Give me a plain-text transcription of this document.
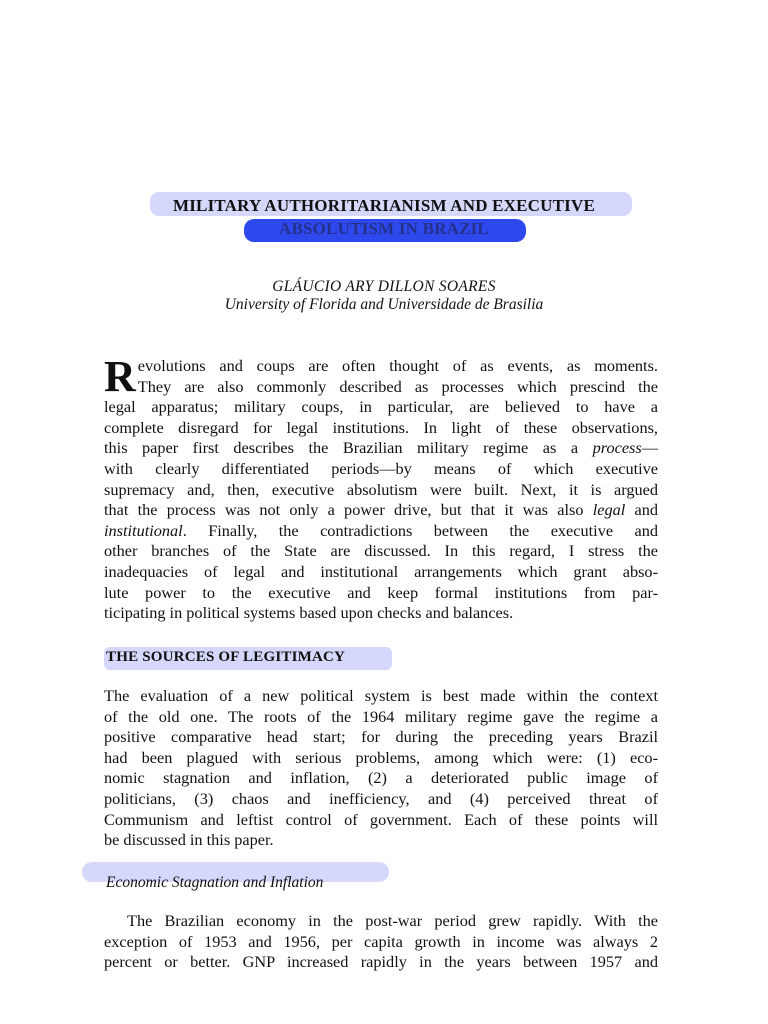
MILITARY AUTHORITARIANISM AND EXECUTIVE
ABSOLUTISM IN BRAZIL
GLÁUCIO ARY DILLON SOARES
University of Florida and Universidade de Brasilia
R evolutions and coups are often thought of as events, as moments.
They are also commonly described as processes which prescind the
legal apparatus; military coups, in particular, are believed to have a
complete disregard for legal institutions. In light of these observations,
this paper first describes the Brazilian military regime as a process—
with clearly differentiated periods—by means of which executive
supremacy and, then, executive absolutism were built. Next, it is argued
that the process was not only a power drive, but that it was also legal and
institutional. Finally, the contradictions between the executive and
other branches of the State are discussed. In this regard, I stress the
inadequacies of legal and institutional arrangements which grant abso-
lute power to the executive and keep formal institutions from par-
ticipating in political systems based upon checks and balances.
THE SOURCES OF LEGITIMACY
The evaluation of a new political system is best made within the context
of the old one. The roots of the 1964 military regime gave the regime a
positive comparative head start; for during the preceding years Brazil
had been plagued with serious problems, among which were: (1) eco-
nomic stagnation and inflation, (2) a deteriorated public image of
politicians, (3) chaos and inefficiency, and (4) perceived threat of
Communism and leftist control of government. Each of these points will
be discussed in this paper.
Economic Stagnation and Inflation
The Brazilian economy in the post-war period grew rapidly. With the
exception of 1953 and 1956, per capita growth in income was always 2
percent or better. GNP increased rapidly in the years between 1957 and
